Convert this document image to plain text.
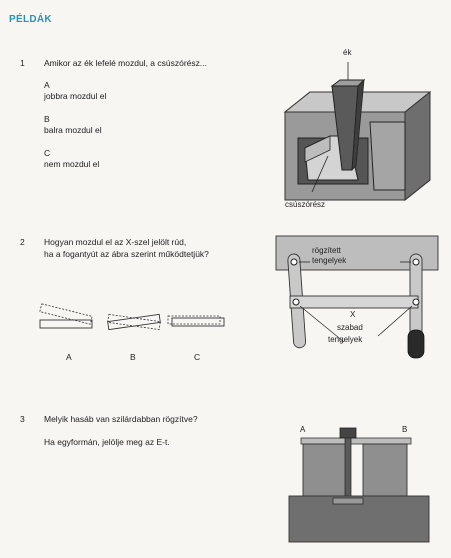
PÉLDÁK
1 Amikor az ék lefelé mozdul, a csúszórész...
A
jobbra mozdul el
B
balra mozdul el
C
nem mozdul el
ék
csúszórész
2 Hogyan mozdul el az X-szel jelölt rúd,
ha a fogantyút az ábra szerint működtetjük?
A	B	C
rögzített
tengelyek
X
szabad
tengelyek
3 Melyik hasáb van szilárdabban rögzítve?
Ha egyformán, jelölje meg az E-t.
A	B
